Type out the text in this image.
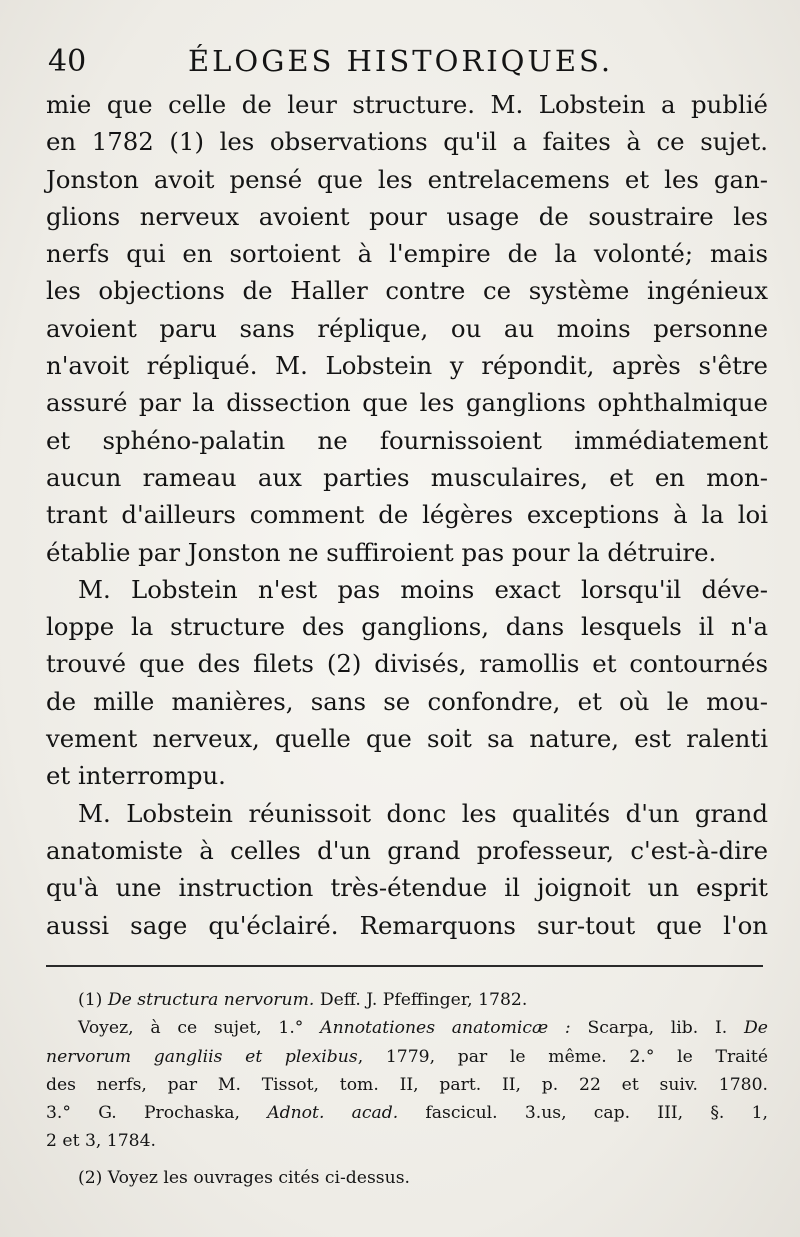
40	ÉLOGES HISTORIQUES.

mie que celle de leur structure. M. Lobstein a publié
en 1782 (1) les observations qu'il a faites à ce sujet.
Jonston avoit pensé que les entrelacemens et les gan-
glions nerveux avoient pour usage de soustraire les
nerfs qui en sortoient à l'empire de la volonté; mais
les objections de Haller contre ce système ingénieux
avoient paru sans réplique, ou au moins personne
n'avoit répliqué. M. Lobstein y répondit, après s'être
assuré par la dissection que les ganglions ophthalmique
et sphéno-palatin ne fournissoient immédiatement
aucun rameau aux parties musculaires, et en mon-
trant d'ailleurs comment de légères exceptions à la loi
établie par Jonston ne suffiroient pas pour la détruire.

M. Lobstein n'est pas moins exact lorsqu'il déve-
loppe la structure des ganglions, dans lesquels il n'a
trouvé que des filets (2) divisés, ramollis et contournés
de mille manières, sans se confondre, et où le mou-
vement nerveux, quelle que soit sa nature, est ralenti
et interrompu.

M. Lobstein réunissoit donc les qualités d'un grand
anatomiste à celles d'un grand professeur, c'est-à-dire
qu'à une instruction très-étendue il joignoit un esprit
aussi sage qu'éclairé. Remarquons sur-tout que l'on

(1) De structura nervorum. Deff. J. Pfeffinger, 1782.
Voyez, à ce sujet, 1.° Annotationes anatomicæ : Scarpa, lib. I. De
nervorum gangliis et plexibus, 1779, par le même. 2.° le Traité
des nerfs, par M. Tissot, tom. II, part. II, p. 22 et suiv. 1780.
3.° G. Prochaska, Adnot. acad. fascicul. 3.us, cap. III, §. 1,
2 et 3, 1784.
(2) Voyez les ouvrages cités ci-dessus.
